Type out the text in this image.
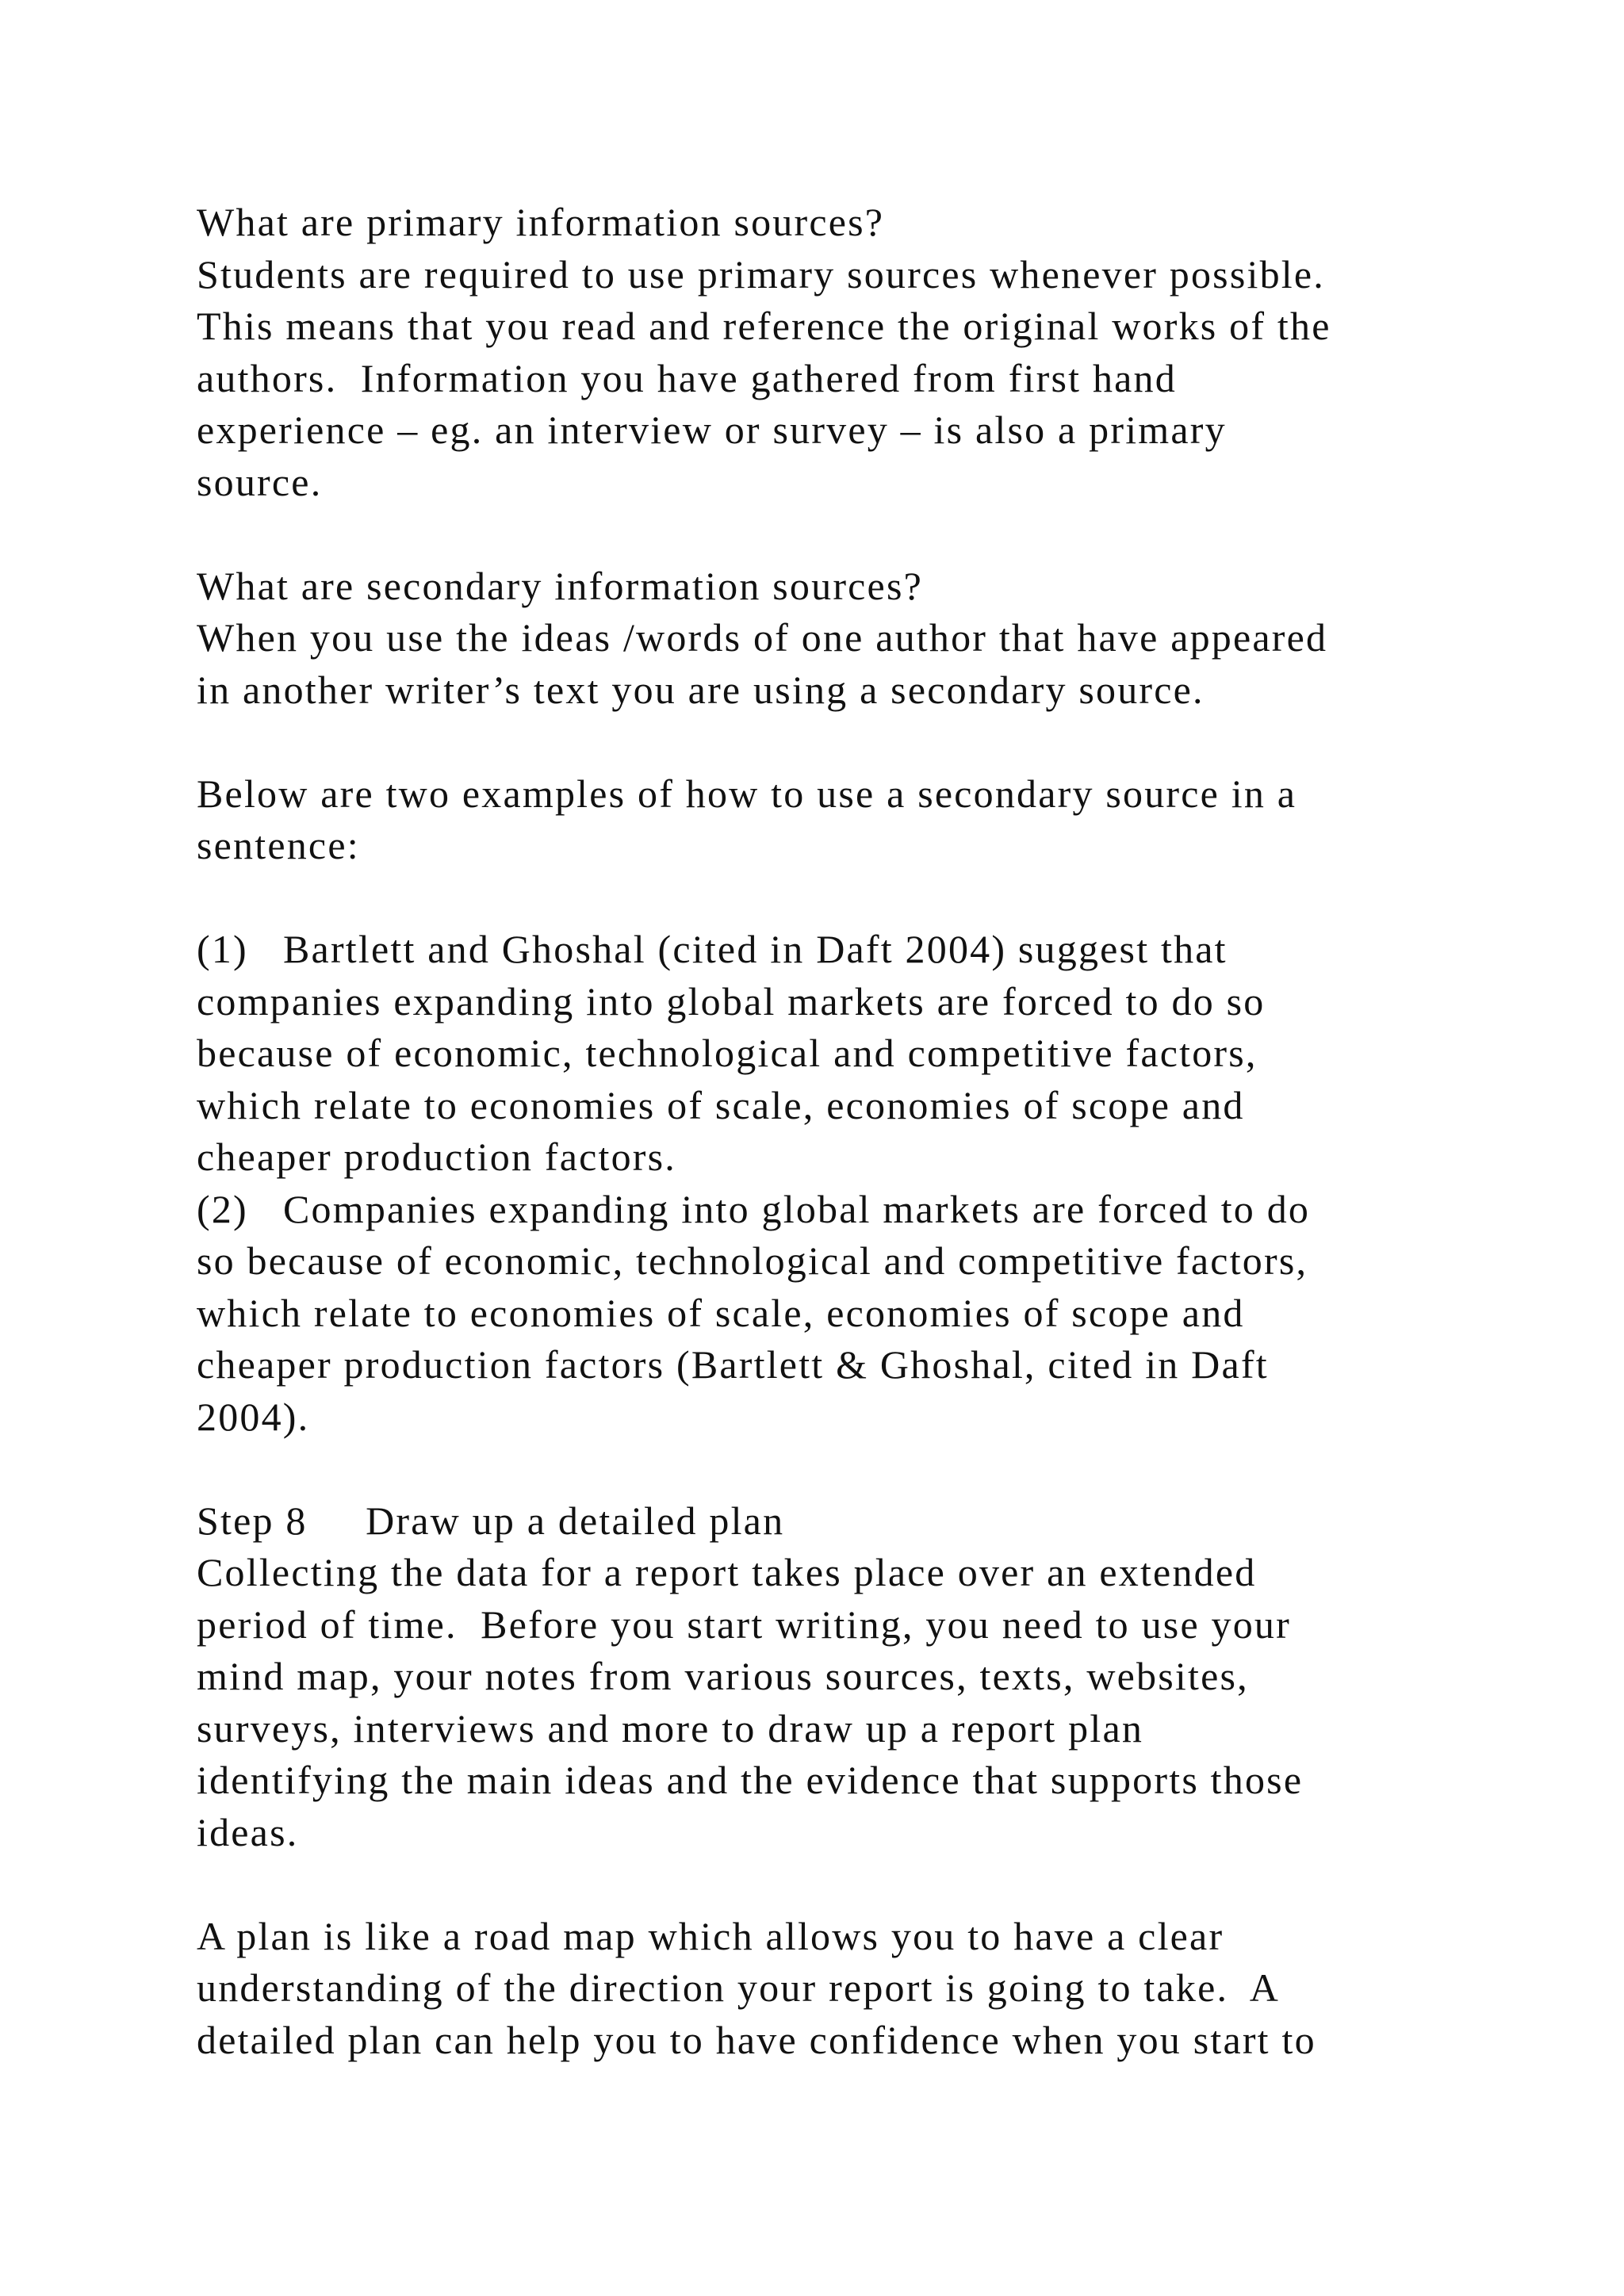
What are primary information sources?
Students are required to use primary sources whenever possible.
This means that you read and reference the original works of the
authors.  Information you have gathered from first hand
experience – eg. an interview or survey – is also a primary
source.
What are secondary information sources?
When you use the ideas /words of one author that have appeared
in another writer’s text you are using a secondary source.
Below are two examples of how to use a secondary source in a
sentence:
(1)   Bartlett and Ghoshal (cited in Daft 2004) suggest that
companies expanding into global markets are forced to do so
because of economic, technological and competitive factors,
which relate to economies of scale, economies of scope and
cheaper production factors.
(2)   Companies expanding into global markets are forced to do
so because of economic, technological and competitive factors,
which relate to economies of scale, economies of scope and
cheaper production factors (Bartlett & Ghoshal, cited in Daft
2004).
Step 8     Draw up a detailed plan
Collecting the data for a report takes place over an extended
period of time.  Before you start writing, you need to use your
mind map, your notes from various sources, texts, websites,
surveys, interviews and more to draw up a report plan
identifying the main ideas and the evidence that supports those
ideas.
A plan is like a road map which allows you to have a clear
understanding of the direction your report is going to take.  A
detailed plan can help you to have confidence when you start to
